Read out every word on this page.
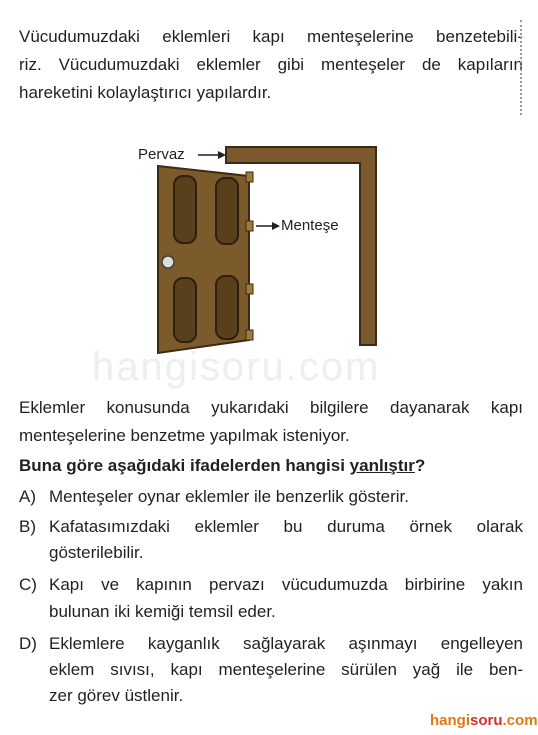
Vücudumuzdaki eklemleri kapı menteşelerine benzetebili-
riz. Vücudumuzdaki eklemler gibi menteşeler de kapıların
hareketini kolaylaştırıcı yapılardır.
Pervaz
Menteşe
hangisoru.com
Eklemler konusunda yukarıdaki bilgilere dayanarak kapı
menteşelerine benzetme yapılmak isteniyor.
Buna göre aşağıdaki ifadelerden hangisi yanlıştır?
A) Menteşeler oynar eklemler ile benzerlik gösterir.
B) Kafatasımızdaki eklemler bu duruma örnek olarak
gösterilebilir.
C) Kapı ve kapının pervazı vücudumuzda birbirine yakın
bulunan iki kemiği temsil eder.
D) Eklemlere kayganlık sağlayarak aşınmayı engelleyen
eklem sıvısı, kapı menteşelerine sürülen yağ ile ben-
zer görev üstlenir.
hangisoru.com
